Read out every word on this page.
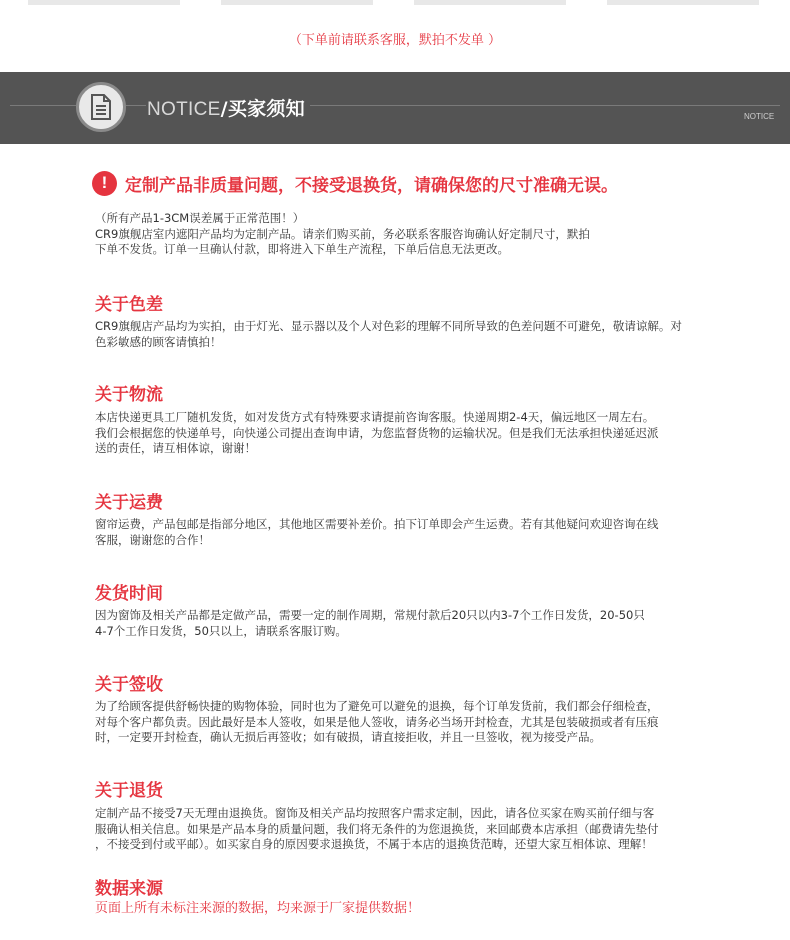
（下单前请联系客服，默拍不发单 ）
NOTICE/买家须知	NOTICE
!	定制产品非质量问题，不接受退换货，请确保您的尺寸准确无误。
（所有产品1-3CM误差属于正常范围！）
CR9旗舰店室内遮阳产品均为定制产品。请亲们购买前，务必联系客服咨询确认好定制尺寸，默拍
下单不发货。订单一旦确认付款，即将进入下单生产流程，下单后信息无法更改。
关于色差
CR9旗舰店产品均为实拍，由于灯光、显示器以及个人对色彩的理解不同所导致的色差问题不可避免，敬请谅解。对
色彩敏感的顾客请慎拍！
关于物流
本店快递更具工厂随机发货，如对发货方式有特殊要求请提前咨询客服。快递周期2-4天，偏远地区一周左右。
我们会根据您的快递单号，向快递公司提出查询申请，为您监督货物的运输状况。但是我们无法承担快递延迟派
送的责任，请互相体谅，谢谢！
关于运费
窗帘运费，产品包邮是指部分地区，其他地区需要补差价。拍下订单即会产生运费。若有其他疑问欢迎咨询在线
客服，谢谢您的合作！
发货时间
因为窗饰及相关产品都是定做产品，需要一定的制作周期，常规付款后20只以内3-7个工作日发货，20-50只
4-7个工作日发货，50只以上，请联系客服订购。
关于签收
为了给顾客提供舒畅快捷的购物体验，同时也为了避免可以避免的退换，每个订单发货前，我们都会仔细检查，
对每个客户都负责。因此最好是本人签收，如果是他人签收，请务必当场开封检查，尤其是包装破损或者有压痕
时，一定要开封检查，确认无损后再签收；如有破损，请直接拒收，并且一旦签收，视为接受产品。
关于退货
定制产品不接受7天无理由退换货。窗饰及相关产品均按照客户需求定制，因此，请各位买家在购买前仔细与客
服确认相关信息。如果是产品本身的质量问题，我们将无条件的为您退换货，来回邮费本店承担（邮费请先垫付
，不接受到付或平邮）。如买家自身的原因要求退换货，不属于本店的退换货范畴，还望大家互相体谅、理解！
数据来源
页面上所有未标注来源的数据，均来源于厂家提供数据！
